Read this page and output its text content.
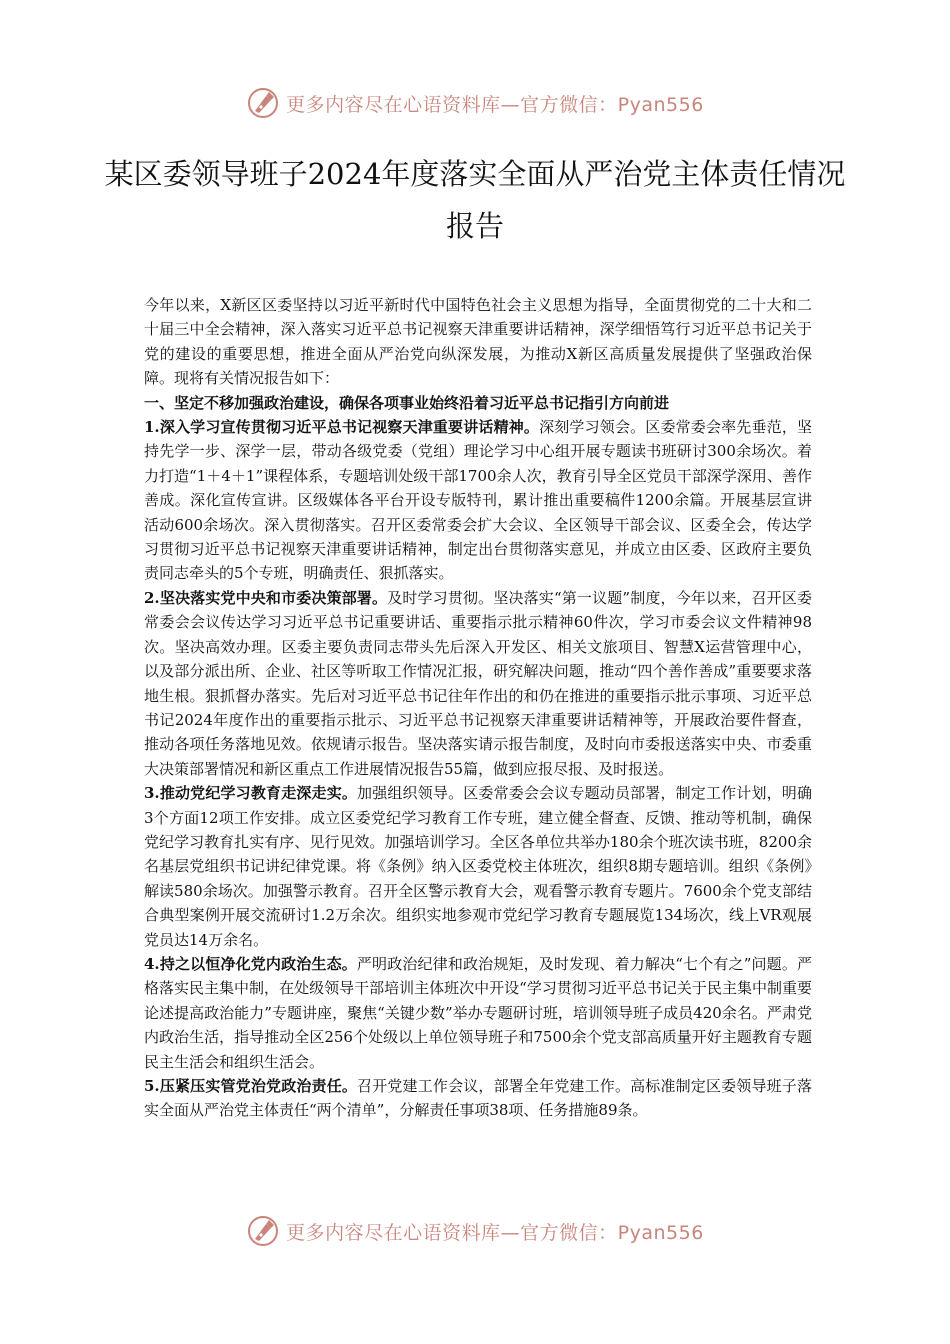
更多内容尽在心语资料库—官方微信：Pyan556
某区委领导班子2024年度落实全面从严治党主体责任情况报告

今年以来，X新区区委坚持以习近平新时代中国特色社会主义思想为指导，全面贯彻党的二十大和二十届三中全会精神，深入落实习近平总书记视察天津重要讲话精神，深学细悟笃行习近平总书记关于党的建设的重要思想，推进全面从严治党向纵深发展，为推动X新区高质量发展提供了坚强政治保障。现将有关情况报告如下：

一、坚定不移加强政治建设，确保各项事业始终沿着习近平总书记指引方向前进

1.深入学习宣传贯彻习近平总书记视察天津重要讲话精神。深刻学习领会。区委常委会率先垂范，坚持先学一步、深学一层，带动各级党委（党组）理论学习中心组开展专题读书班研讨300余场次。着力打造“1＋4＋1”课程体系，专题培训处级干部1700余人次，教育引导全区党员干部深学深用、善作善成。深化宣传宣讲。区级媒体各平台开设专版特刊，累计推出重要稿件1200余篇。开展基层宣讲活动600余场次。深入贯彻落实。召开区委常委会扩大会议、全区领导干部会议、区委全会，传达学习贯彻习近平总书记视察天津重要讲话精神，制定出台贯彻落实意见，并成立由区委、区政府主要负责同志牵头的5个专班，明确责任、狠抓落实。

2.坚决落实党中央和市委决策部署。及时学习贯彻。坚决落实“第一议题”制度，今年以来，召开区委常委会会议传达学习习近平总书记重要讲话、重要指示批示精神60件次，学习市委会议文件精神98次。坚决高效办理。区委主要负责同志带头先后深入开发区、相关文旅项目、智慧X运营管理中心，以及部分派出所、企业、社区等听取工作情况汇报，研究解决问题，推动“四个善作善成”重要要求落地生根。狠抓督办落实。先后对习近平总书记往年作出的和仍在推进的重要指示批示事项、习近平总书记2024年度作出的重要指示批示、习近平总书记视察天津重要讲话精神等，开展政治要件督查，推动各项任务落地见效。依规请示报告。坚决落实请示报告制度，及时向市委报送落实中央、市委重大决策部署情况和新区重点工作进展情况报告55篇，做到应报尽报、及时报送。

3.推动党纪学习教育走深走实。加强组织领导。区委常委会会议专题动员部署，制定工作计划，明确3个方面12项工作安排。成立区委党纪学习教育工作专班，建立健全督查、反馈、推动等机制，确保党纪学习教育扎实有序、见行见效。加强培训学习。全区各单位共举办180余个班次读书班，8200余名基层党组织书记讲纪律党课。将《条例》纳入区委党校主体班次，组织8期专题培训。组织《条例》解读580余场次。加强警示教育。召开全区警示教育大会，观看警示教育专题片。7600余个党支部结合典型案例开展交流研讨1.2万余次。组织实地参观市党纪学习教育专题展览134场次，线上VR观展党员达14万余名。

4.持之以恒净化党内政治生态。严明政治纪律和政治规矩，及时发现、着力解决“七个有之”问题。严格落实民主集中制，在处级领导干部培训主体班次中开设“学习贯彻习近平总书记关于民主集中制重要论述提高政治能力”专题讲座，聚焦“关键少数”举办专题研讨班，培训领导班子成员420余名。严肃党内政治生活，指导推动全区256个处级以上单位领导班子和7500余个党支部高质量开好主题教育专题民主生活会和组织生活会。

5.压紧压实管党治党政治责任。召开党建工作会议，部署全年党建工作。高标准制定区委领导班子落实全面从严治党主体责任“两个清单”，分解责任事项38项、任务措施89条。

更多内容尽在心语资料库—官方微信：Pyan556
